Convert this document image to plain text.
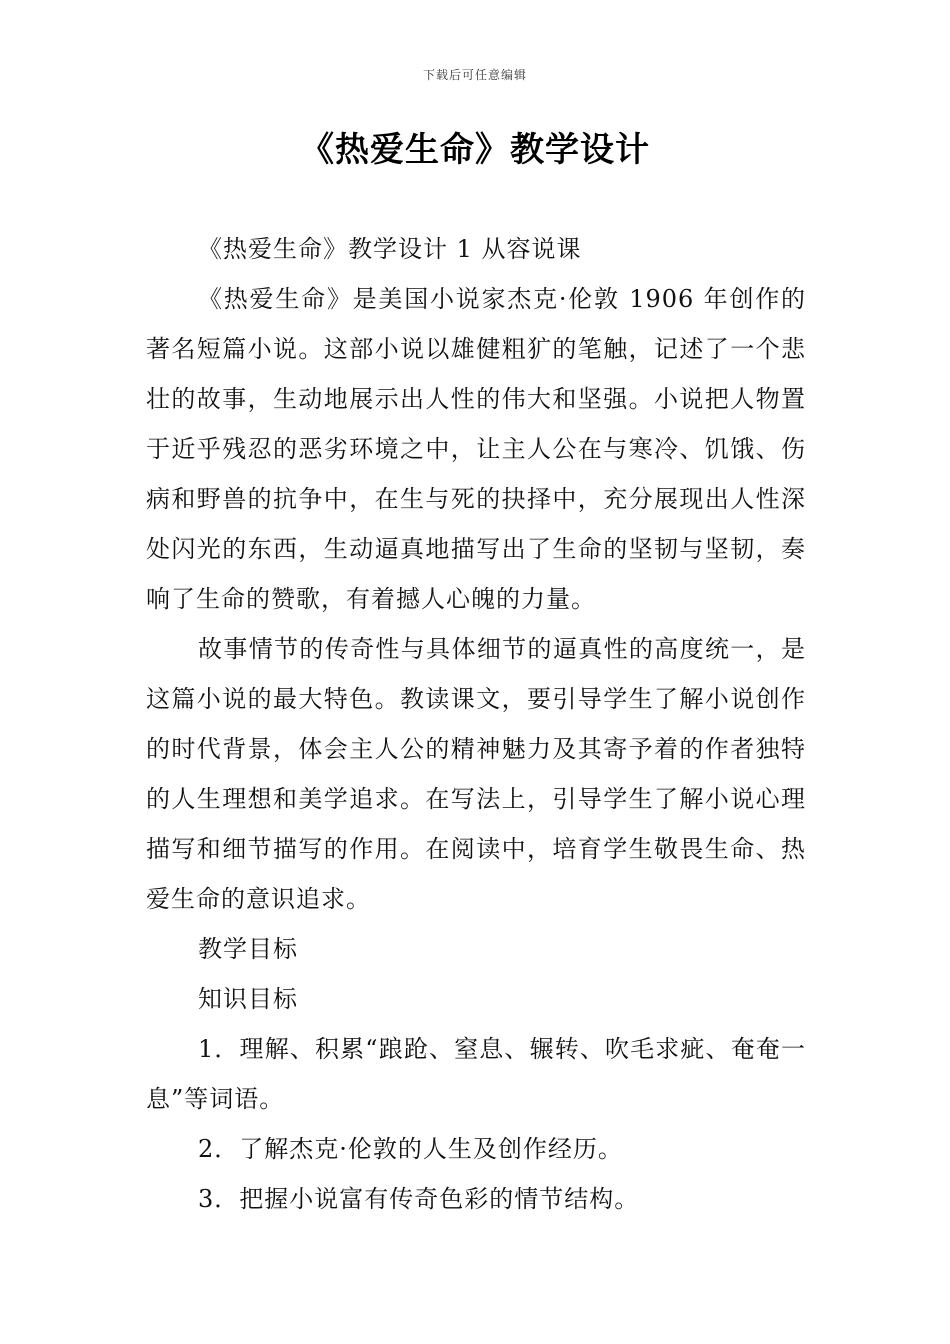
下载后可任意编辑
《热爱生命》教学设计

《热爱生命》教学设计 1 从容说课

《热爱生命》是美国小说家杰克·伦敦 1906 年创作的著名短篇小说。这部小说以雄健粗犷的笔触，记述了一个悲壮的故事，生动地展示出人性的伟大和坚强。小说把人物置于近乎残忍的恶劣环境之中，让主人公在与寒冷、饥饿、伤病和野兽的抗争中，在生与死的抉择中，充分展现出人性深处闪光的东西，生动逼真地描写出了生命的坚韧与坚韧，奏响了生命的赞歌，有着撼人心魄的力量。

故事情节的传奇性与具体细节的逼真性的高度统一，是这篇小说的最大特色。教读课文，要引导学生了解小说创作的时代背景，体会主人公的精神魅力及其寄予着的作者独特的人生理想和美学追求。在写法上，引导学生了解小说心理描写和细节描写的作用。在阅读中，培育学生敬畏生命、热爱生命的意识追求。

教学目标

知识目标

1．理解、积累“踉跄、窒息、辗转、吹毛求疵、奄奄一息”等词语。

2．了解杰克·伦敦的人生及创作经历。

3．把握小说富有传奇色彩的情节结构。
